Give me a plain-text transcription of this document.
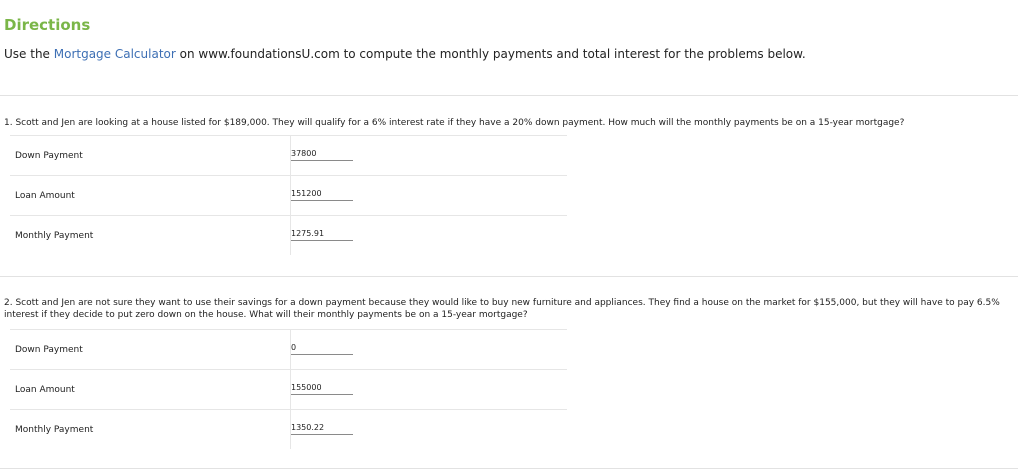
Directions
Use the Mortgage Calculator on www.foundationsU.com to compute the monthly payments and total interest for the problems below.
1. Scott and Jen are looking at a house listed for $189,000. They will qualify for a 6% interest rate if they have a 20% down payment. How much will the monthly payments be on a 15-year mortgage?
Down Payment
37800
Loan Amount
151200
Monthly Payment
1275.91
2. Scott and Jen are not sure they want to use their savings for a down payment because they would like to buy new furniture and appliances. They find a house on the market for $155,000, but they will have to pay 6.5% interest if they decide to put zero down on the house. What will their monthly payments be on a 15-year mortgage?
Down Payment
0
Loan Amount
155000
Monthly Payment
1350.22
